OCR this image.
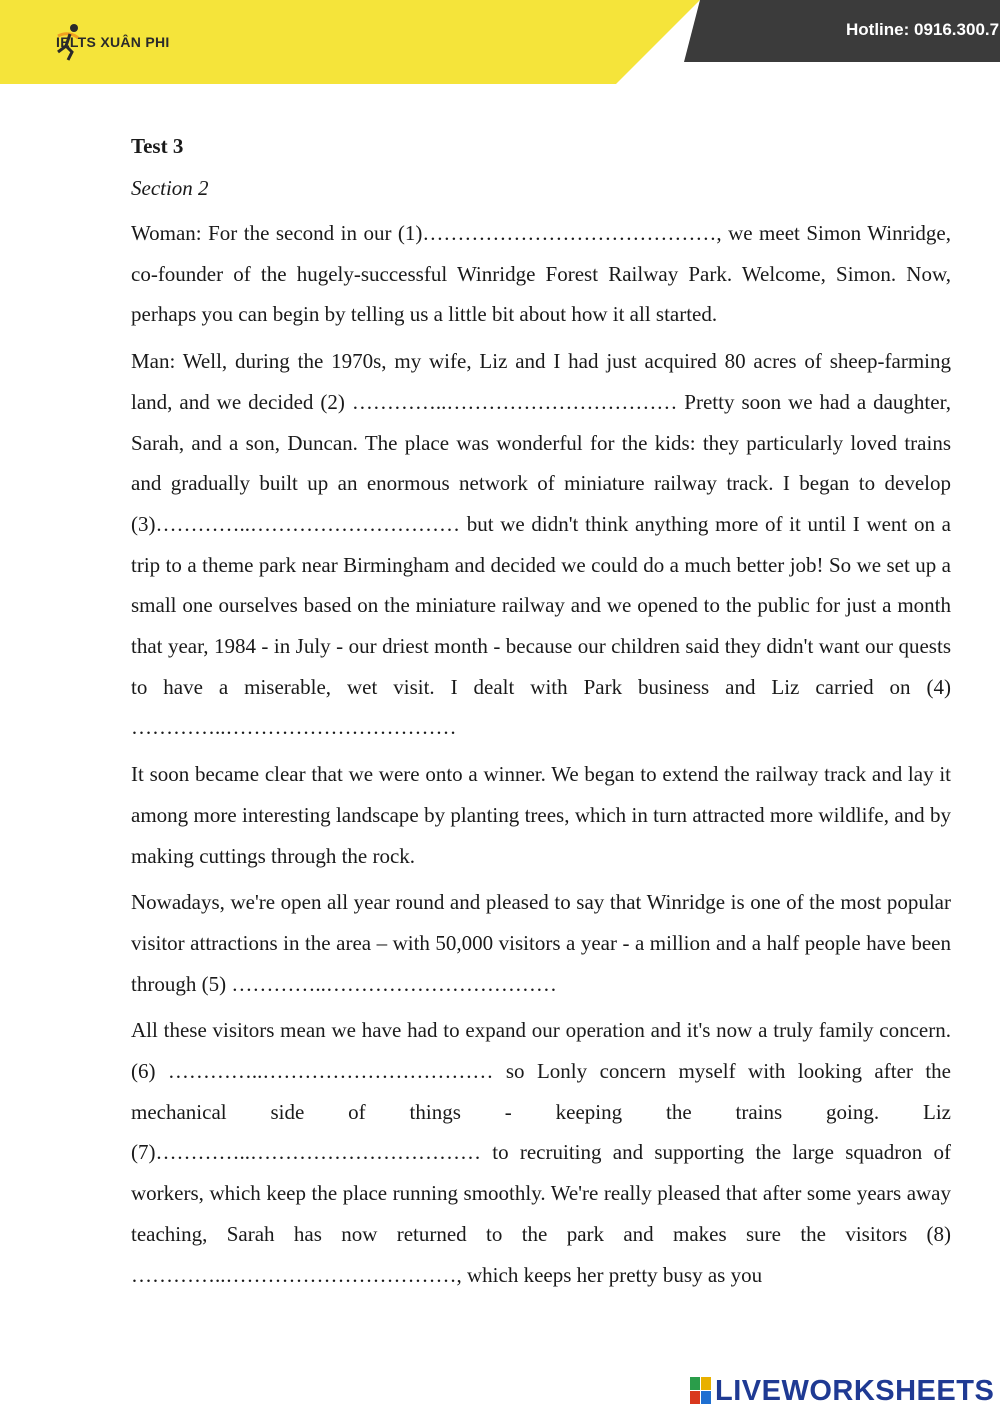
IELTS XUÂN PHI
Hotline: 0916.300.7

Test 3

Section 2

Woman: For the second in our (1)……………………………………, we meet Simon Winridge, co-founder of the hugely-successful Winridge Forest Railway Park. Welcome, Simon. Now, perhaps you can begin by telling us a little bit about how it all started.

Man: Well, during the 1970s, my wife, Liz and I had just acquired 80 acres of sheep-farming land, and we decided (2) …………..…………………………… Pretty soon we had a daughter, Sarah, and a son, Duncan. The place was wonderful for the kids: they particularly loved trains and gradually built up an enormous network of miniature railway track. I began to develop (3)…………..………………………… but we didn't think anything more of it until I went on a trip to a theme park near Birmingham and decided we could do a much better job! So we set up a small one ourselves based on the miniature railway and we opened to the public for just a month that year, 1984 - in July - our driest month - because our children said they didn't want our quests to have a miserable, wet visit. I dealt with Park business and Liz carried on (4) …………..……………………………

It soon became clear that we were onto a winner. We began to extend the railway track and lay it among more interesting landscape by planting trees, which in turn attracted more wildlife, and by making cuttings through the rock.

Nowadays, we're open all year round and pleased to say that Winridge is one of the most popular visitor attractions in the area – with 50,000 visitors a year - a million and a half people have been through (5) …………..……………………………

All these visitors mean we have had to expand our operation and it's now a truly family concern. (6) …………..…………………………… so Lonly concern myself with looking after the mechanical side of things - keeping the trains going. Liz (7)…………..…………………………… to recruiting and supporting the large squadron of workers, which keep the place running smoothly. We're really pleased that after some years away teaching, Sarah has now returned to the park and makes sure the visitors (8) …………..……………………………, which keeps her pretty busy as you

LIVEWORKSHEETS
